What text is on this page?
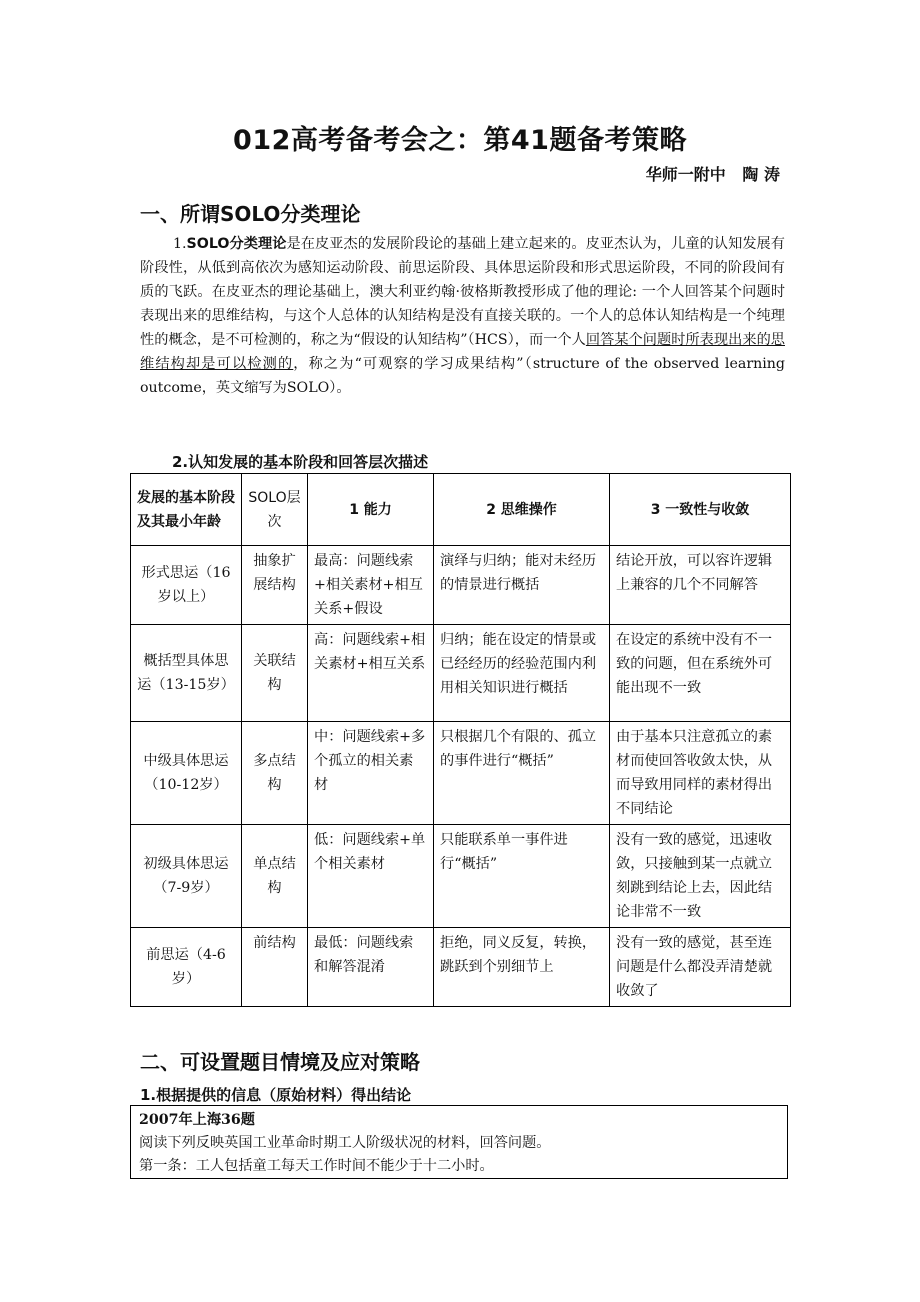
012高考备考会之：第41题备考策略
华师一附中   陶 涛
一、所谓SOLO分类理论

1.SOLO分类理论是在皮亚杰的发展阶段论的基础上建立起来的。皮亚杰认为，儿童的认知发展有阶段性，从低到高依次为感知运动阶段、前思运阶段、具体思运阶段和形式思运阶段，不同的阶段间有质的飞跃。在皮亚杰的理论基础上，澳大利亚约翰·彼格斯教授形成了他的理论: 一个人回答某个问题时表现出来的思维结构，与这个人总体的认知结构是没有直接关联的。一个人的总体认知结构是一个纯理性的概念，是不可检测的，称之为“假设的认知结构”（HCS），而一个人回答某个问题时所表现出来的思维结构却是可以检测的，称之为“可观察的学习成果结构”（structure of the observed learning outcome，英文缩写为SOLO）。

2.认知发展的基本阶段和回答层次描述
发展的基本阶段及其最小年龄	SOLO层次	1 能力	2 思维操作	3 一致性与收敛
形式思运（16岁以上）	抽象扩展结构	最高：问题线索+相关素材+相互关系+假设	演绎与归纳；能对未经历的情景进行概括	结论开放，可以容许逻辑上兼容的几个不同解答
概括型具体思运（13-15岁）	关联结构	高：问题线索+相关素材+相互关系	归纳；能在设定的情景或已经经历的经验范围内利用相关知识进行概括	在设定的系统中没有不一致的问题，但在系统外可能出现不一致
中级具体思运（10-12岁）	多点结构	中：问题线索+多个孤立的相关素材	只根据几个有限的、孤立的事件进行“概括”	由于基本只注意孤立的素材而使回答收敛太快，从而导致用同样的素材得出不同结论
初级具体思运（7-9岁）	单点结构	低：问题线索+单个相关素材	只能联系单一事件进行“概括”	没有一致的感觉，迅速收敛，只接触到某一点就立刻跳到结论上去，因此结论非常不一致
前思运（4-6岁）	前结构	最低：问题线索和解答混淆	拒绝，同义反复，转换，跳跃到个别细节上	没有一致的感觉，甚至连问题是什么都没弄清楚就收敛了
二、可设置题目情境及应对策略
1.根据提供的信息（原始材料）得出结论
2007年上海36题
阅读下列反映英国工业革命时期工人阶级状况的材料，回答问题。
第一条：工人包括童工每天工作时间不能少于十二小时。
